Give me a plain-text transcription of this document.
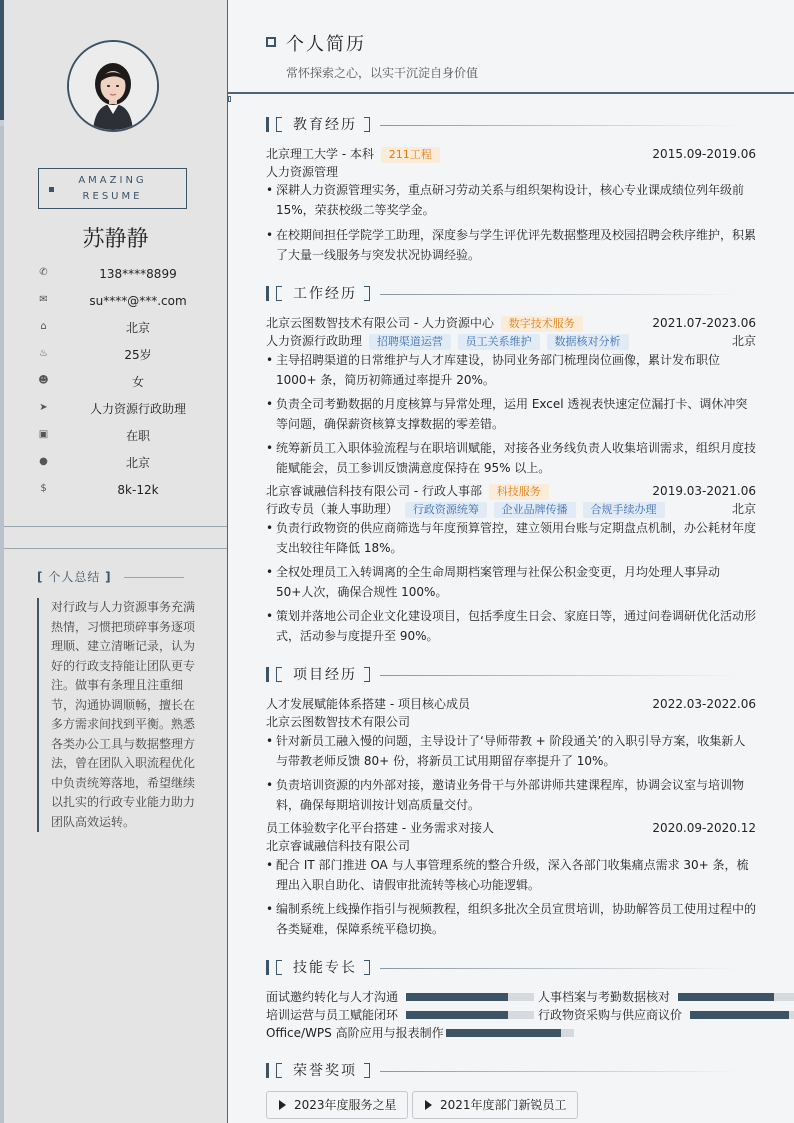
AMAZING
RESUME
苏静静
✆	138****8899
✉	su****@***.com
⌂	北京
♨	25岁
☻	女
➤	人力资源行政助理
▣	在职
●	北京
$	8k-12k
[ 个人总结 ]
对行政与人力资源事务充满热情，习惯把琐碎事务逐项理顺、建立清晰记录，认为好的行政支持能让团队更专注。做事有条理且注重细节，沟通协调顺畅，擅长在多方需求间找到平衡。熟悉各类办公工具与数据整理方法，曾在团队入职流程优化中负责统筹落地，希望继续以扎实的行政专业能力助力团队高效运转。
个人简历
常怀探索之心，以实干沉淀自身价值
教育经历
北京理工大学 - 本科 211工程	2015.09-2019.06
人力资源管理
• 深耕人力资源管理实务，重点研习劳动关系与组织架构设计，核心专业课成绩位列年级前15%，荣获校级二等奖学金。
• 在校期间担任学院学工助理，深度参与学生评优评先数据整理及校园招聘会秩序维护，积累了大量一线服务与突发状况协调经验。
工作经历
北京云图数智技术有限公司 - 人力资源中心 数字技术服务	2021.07-2023.06
人力资源行政助理 招聘渠道运营 员工关系维护 数据核对分析	北京
• 主导招聘渠道的日常维护与人才库建设，协同业务部门梳理岗位画像，累计发布职位1000+ 条，简历初筛通过率提升 20%。
• 负责全司考勤数据的月度核算与异常处理，运用 Excel 透视表快速定位漏打卡、调休冲突等问题，确保薪资核算支撑数据的零差错。
• 统筹新员工入职体验流程与在职培训赋能，对接各业务线负责人收集培训需求，组织月度技能赋能会，员工参训反馈满意度保持在 95% 以上。
北京睿诚融信科技有限公司 - 行政人事部 科技服务	2019.03-2021.06
行政专员（兼人事助理） 行政资源统筹 企业品牌传播 合规手续办理	北京
• 负责行政物资的供应商筛选与年度预算管控，建立领用台账与定期盘点机制，办公耗材年度支出较往年降低 18%。
• 全权处理员工入转调离的全生命周期档案管理与社保公积金变更，月均处理人事异动 50+人次，确保合规性 100%。
• 策划并落地公司企业文化建设项目，包括季度生日会、家庭日等，通过问卷调研优化活动形式，活动参与度提升至 90%。
项目经历
人才发展赋能体系搭建 - 项目核心成员	2022.03-2022.06
北京云图数智技术有限公司
• 针对新员工融入慢的问题，主导设计了‘导师带教 + 阶段通关’的入职引导方案，收集新人与带教老师反馈 80+ 份，将新员工试用期留存率提升了 10%。
• 负责培训资源的内外部对接，邀请业务骨干与外部讲师共建课程库，协调会议室与培训物料，确保每期培训按计划高质量交付。
员工体验数字化平台搭建 - 业务需求对接人	2020.09-2020.12
北京睿诚融信科技有限公司
• 配合 IT 部门推进 OA 与人事管理系统的整合升级，深入各部门收集痛点需求 30+ 条，梳理出入职自助化、请假审批流转等核心功能逻辑。
• 编制系统上线操作指引与视频教程，组织多批次全员宣贯培训，协助解答员工使用过程中的各类疑难，保障系统平稳切换。
技能专长
面试邀约转化与人才沟通	人事档案与考勤数据核对
培训运营与员工赋能闭环	行政物资采购与供应商议价
Office/WPS 高阶应用与报表制作
荣誉奖项
2023年度服务之星	2021年度部门新锐员工
